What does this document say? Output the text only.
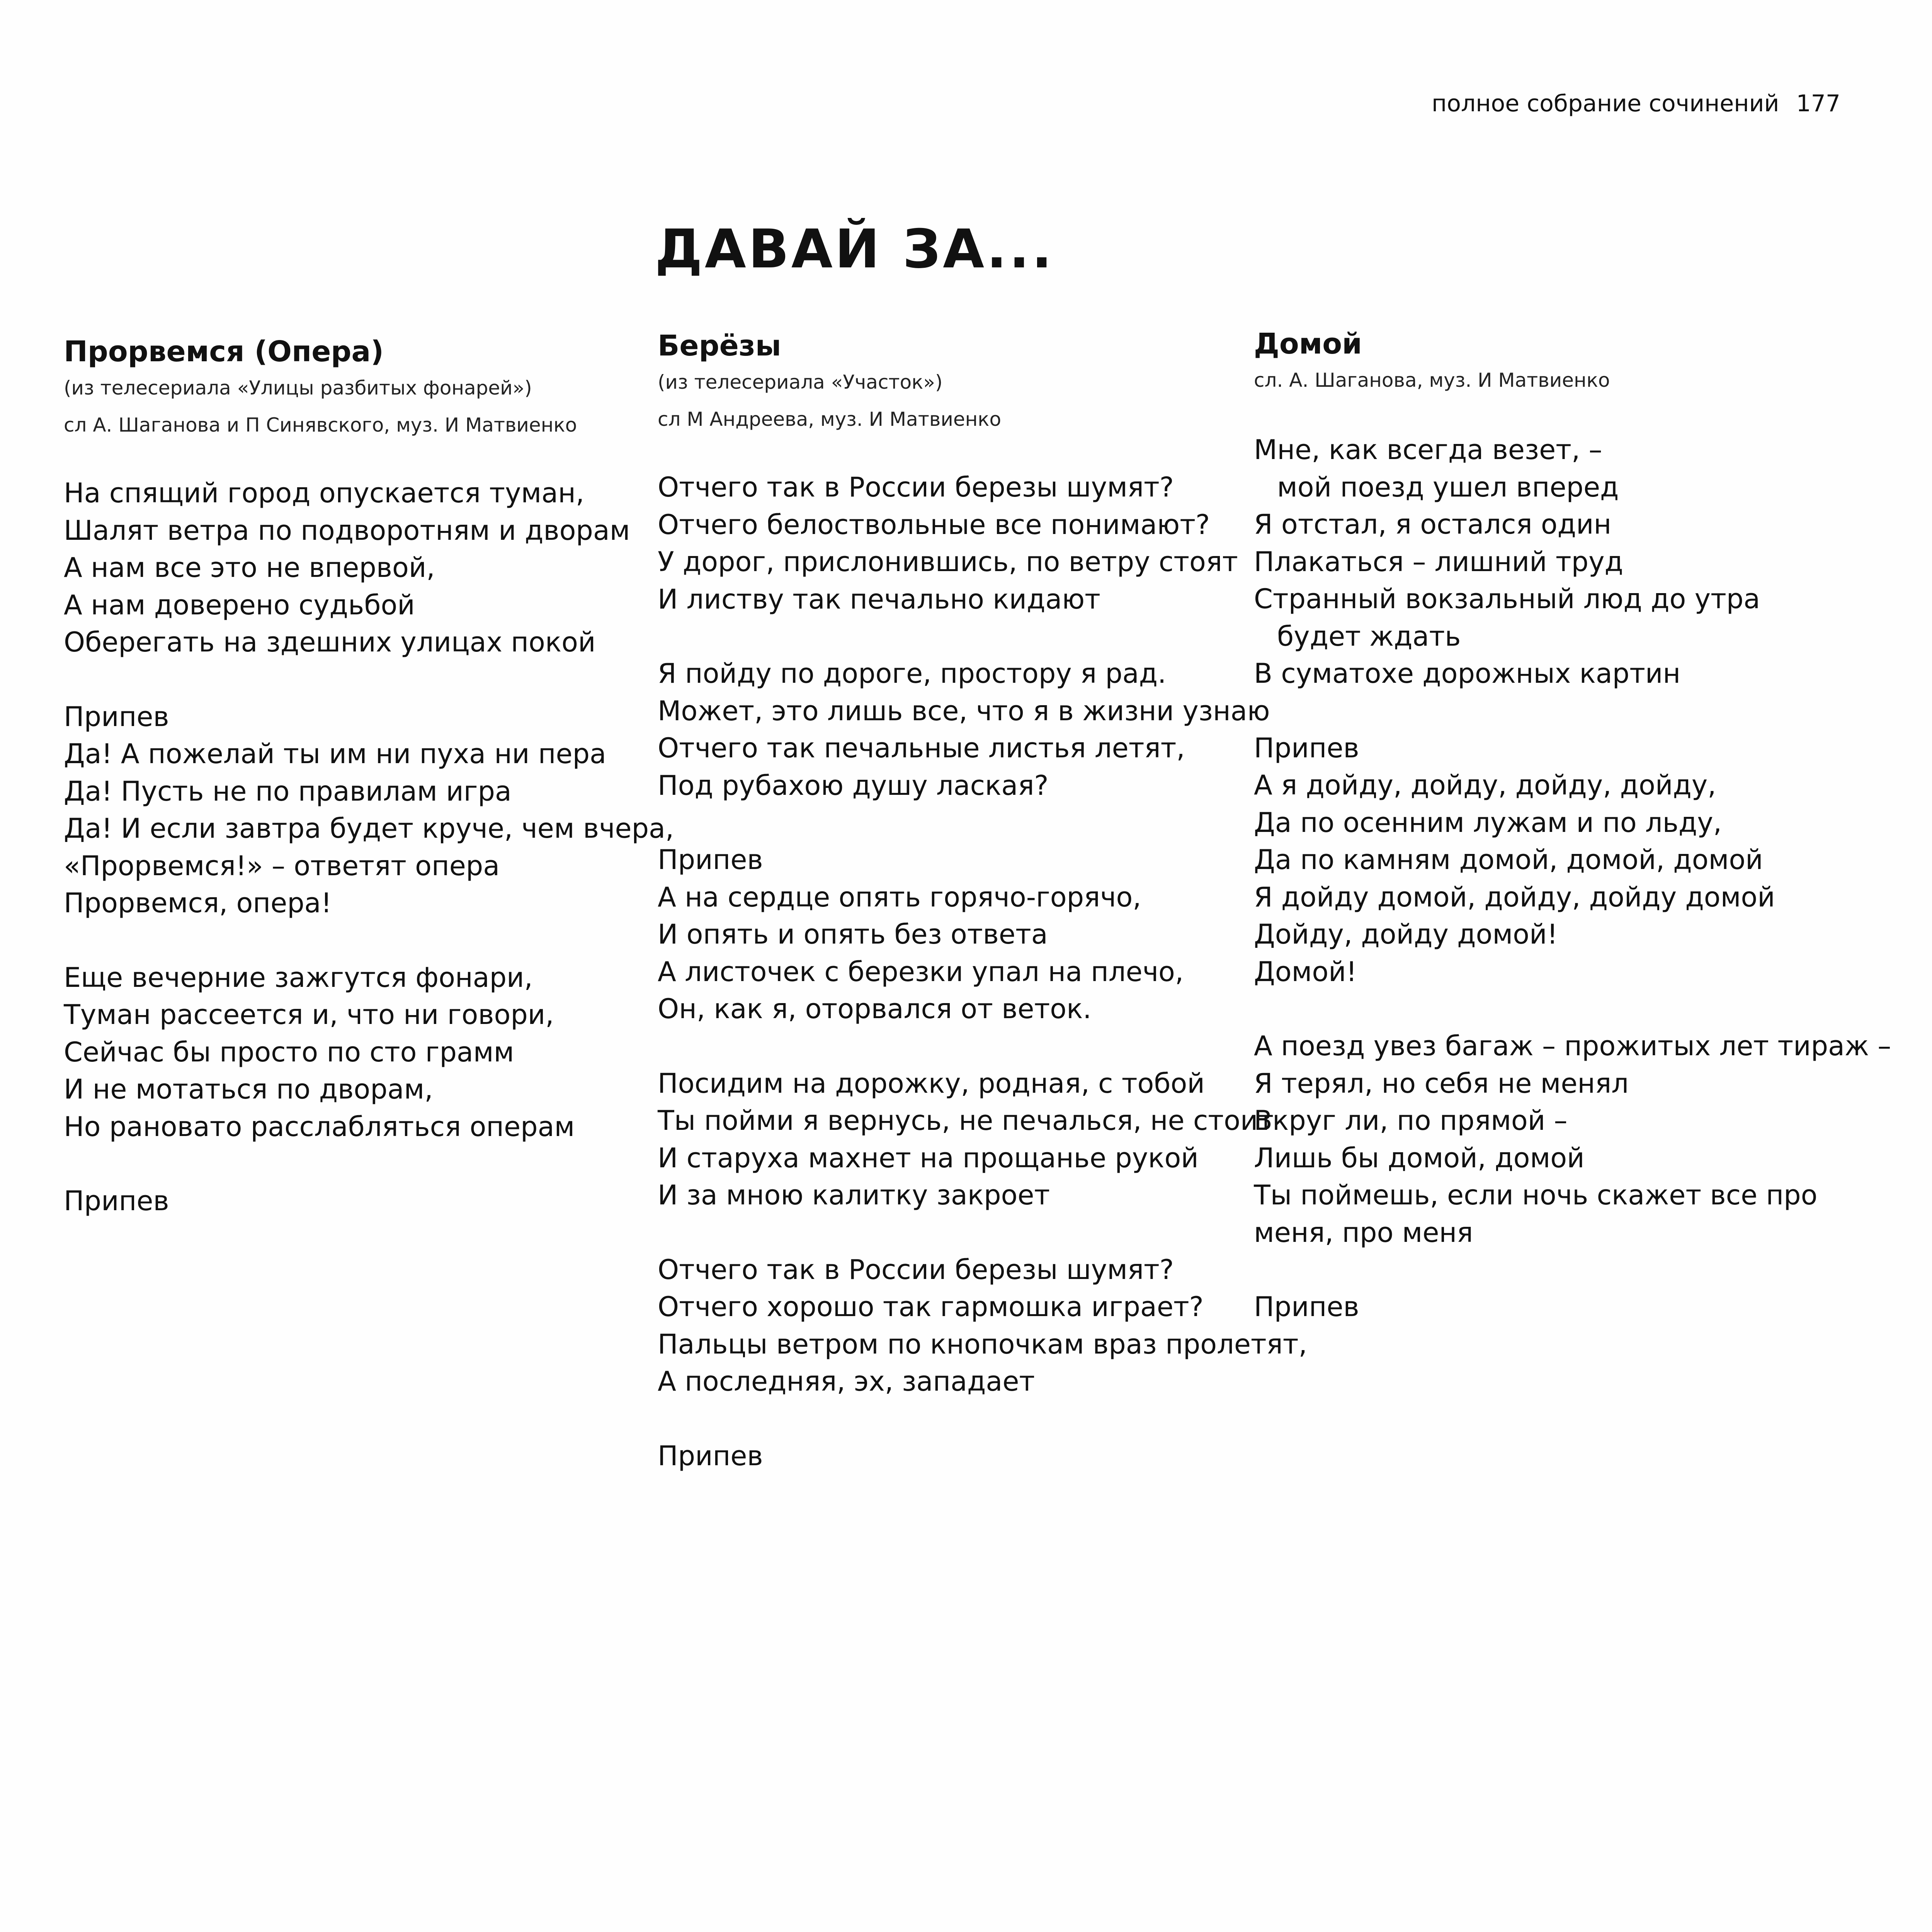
полное собрание сочинений 177
ДАВАЙ ЗА...
Прорвемся (Опера)
(из телесериала «Улицы разбитых фонарей»)
сл А. Шаганова и П Синявского, муз. И Матвиенко
На спящий город опускается туман,
Шалят ветра по подворотням и дворам
А нам все это не впервой,
А нам доверено судьбой
Оберегать на здешних улицах покой
Припев
Да! А пожелай ты им ни пуха ни пера
Да! Пусть не по правилам игра
Да! И если завтра будет круче, чем вчера,
«Прорвемся!» – ответят опера
Прорвемся, опера!
Еще вечерние зажгутся фонари,
Туман рассеется и, что ни говори,
Сейчас бы просто по сто грамм
И не мотаться по дворам,
Но рановато расслабляться операм
Припев
Берёзы
(из телесериала «Участок»)
сл М Андреева, муз. И Матвиенко
Отчего так в России березы шумят?
Отчего белоствольные все понимают?
У дорог, прислонившись, по ветру стоят
И листву так печально кидают
Я пойду по дороге, простору я рад.
Может, это лишь все, что я в жизни узнаю
Отчего так печальные листья летят,
Под рубахою душу лаская?
Припев
А на сердце опять горячо-горячо,
И опять и опять без ответа
А листочек с березки упал на плечо,
Он, как я, оторвался от веток.
Посидим на дорожку, родная, с тобой
Ты пойми я вернусь, не печалься, не стоит
И старуха махнет на прощанье рукой
И за мною калитку закроет
Отчего так в России березы шумят?
Отчего хорошо так гармошка играет?
Пальцы ветром по кнопочкам враз пролетят,
А последняя, эх, западает
Припев
Домой
сл. А. Шаганова, муз. И Матвиенко
Мне, как всегда везет, –
мой поезд ушел вперед
Я отстал, я остался один
Плакаться – лишний труд
Странный вокзальный люд до утра
будет ждать
В суматохе дорожных картин
Припев
А я дойду, дойду, дойду, дойду,
Да по осенним лужам и по льду,
Да по камням домой, домой, домой
Я дойду домой, дойду, дойду домой
Дойду, дойду домой!
Домой!
А поезд увез багаж – прожитых лет тираж –
Я терял, но себя не менял
Вкруг ли, по прямой –
Лишь бы домой, домой
Ты поймешь, если ночь скажет все про
меня, про меня
Припев
